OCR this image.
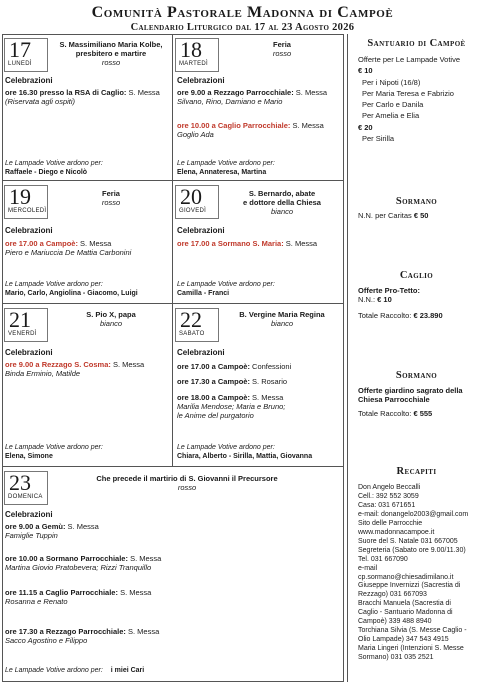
Comunità Pastorale Madonna di Campoè
Calendario Liturgico dal 17 al 23 Agosto 2026
17
LUNEDÌ
S. Massimiliano Maria Kolbe,
presbitero e martire
rosso
Celebrazioni
ore 16.30 presso la RSA di Caglio: S. Messa
(Riservata agli ospiti)
Le Lampade Votive ardono per:
Raffaele - Diego e Nicolò
18
MARTEDÌ
Feria
rosso
Celebrazioni
ore 9.00 a Rezzago Parrocchiale: S. Messa
Silvano, Rino, Damiano e Mario
ore 10.00 a Caglio Parrocchiale: S. Messa
Goglio Ada
Le Lampade Votive ardono per:
Elena, Annateresa, Martina
19
MERCOLEDÌ
Feria
rosso
Celebrazioni
ore 17.00 a Campoè: S. Messa
Piero e Mariuccia De Mattia Carbonini
Le Lampade Votive ardono per:
Mario, Carlo, Angiolina - Giacomo, Luigi
20
GIOVEDÌ
S. Bernardo, abate
e dottore della Chiesa
bianco
Celebrazioni
ore 17.00 a Sormano S. Maria: S. Messa
Le Lampade Votive ardono per:
Camilla - Franci
21
VENERDÌ
S. Pio X, papa
bianco
Celebrazioni
ore 9.00 a Rezzago S. Cosma: S. Messa
Binda Erminio, Matilde
Le Lampade Votive ardono per:
Elena, Simone
22
SABATO
B. Vergine Maria Regina
bianco
Celebrazioni
ore 17.00 a Campoè: Confessioni
ore 17.30 a Campoè: S. Rosario
ore 18.00 a Campoè: S. Messa
Marilia Mendose; Maria e Bruno;
le Anime del purgatorio
Le Lampade Votive ardono per:
Chiara, Alberto - Sirilla, Mattia, Giovanna
23
DOMENICA
Che precede il martirio di S. Giovanni il Precursore
rosso
Celebrazioni
ore 9.00 a Gemù: S. Messa
Famiglie Tuppin
ore 10.00 a Sormano Parrocchiale: S. Messa
Martina Giovio Pratobevera; Rizzi Tranquillo
ore 11.15 a Caglio Parrocchiale: S. Messa
Rosanna e Renato
ore 17.30 a Rezzago Parrocchiale: S. Messa
Sacco Agostino e Filippo
Le Lampade Votive ardono per: i miei Cari
Santuario di Campoè
Offerte per Le Lampade Votive
€ 10
Per i Nipoti (16/8)
Per Maria Teresa e Fabrizio
Per Carlo e Danila
Per Amelia e Elia
€ 20
Per Sirilla
Sormano
N.N. per Caritas € 50
Caglio
Offerte Pro-Tetto:
N.N.: € 10
Totale Raccolto: € 23.890
Sormano
Offerte giardino sagrato della
Chiesa Parrocchiale
Totale Raccolto: € 555
Recapiti
Don Angelo Beccalli
Cell.: 392 552 3059
Casa: 031 671651
e-mail: donangelo2003@gmail.com
Sito delle Parrocchie
www.madonnacampoe.it
Suore del S. Natale 031 667005
Segreteria (Sabato ore 9.00/11.30)
Tel. 031 667090
e-mail
cp.sormano@chiesadimilano.it
Giuseppe Invernizzi (Sacrestia di
Rezzago) 031 667093
Bracchi Manuela (Sacrestia di
Caglio - Santuario Madonna di
Campoè) 339 488 8940
Torchiana Silvia (S. Messe Caglio -
Olio Lampade) 347 543 4915
Maria Lingeri (Intenzioni S. Messe
Sormano) 031 035 2521
